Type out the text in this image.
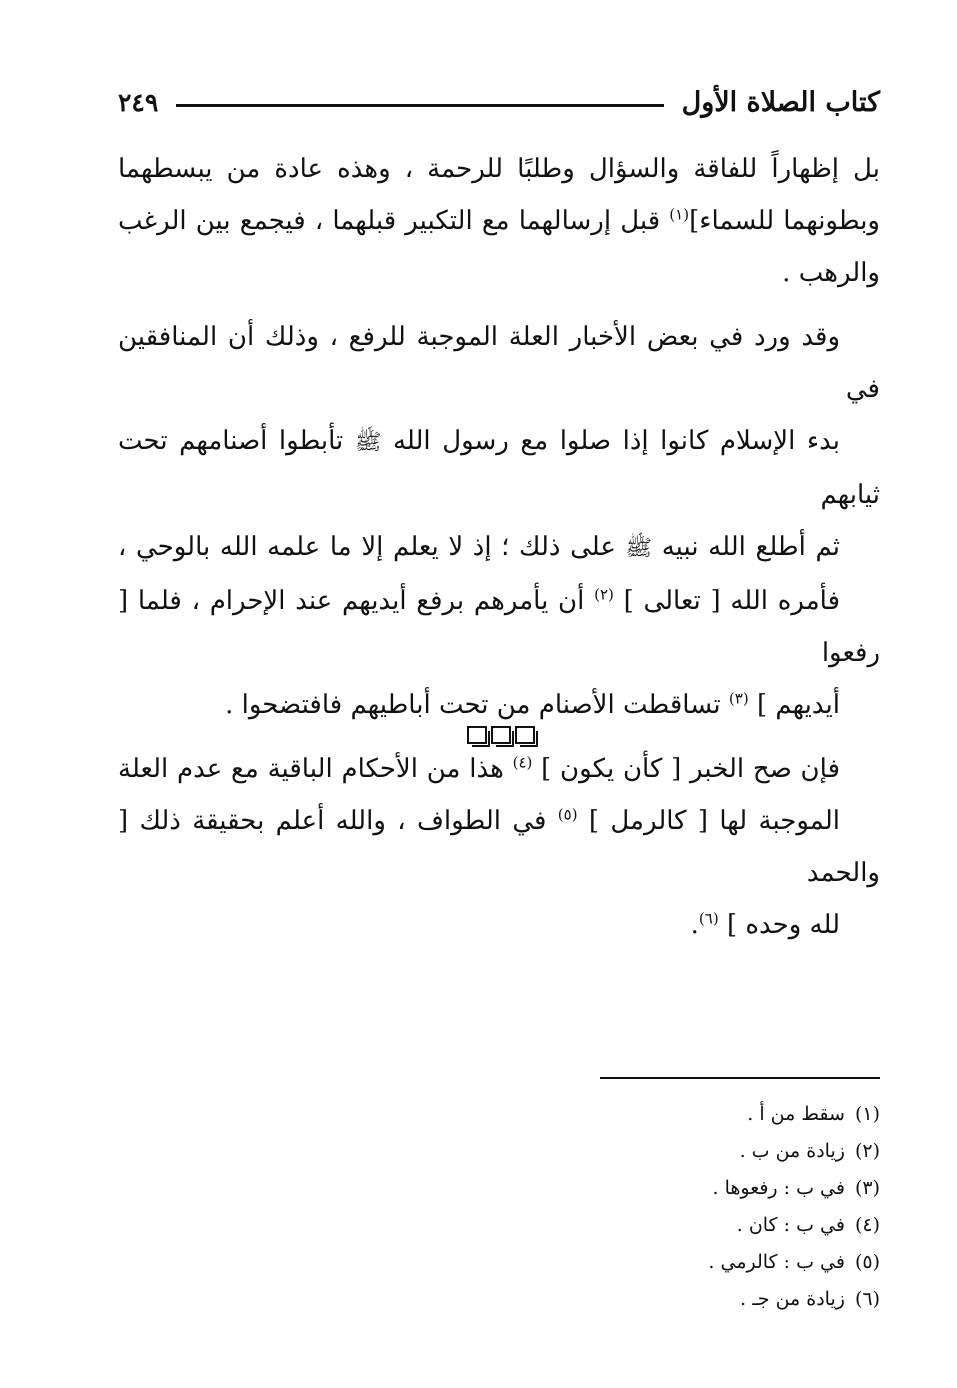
كتاب الصلاة الأول
٢٤٩

بل إظهاراً للفاقة والسؤال وطلبًا للرحمة ، وهذه عادة من يبسطهما
وبطونهما للسماء]$^{(١)}$ قبل إرسالهما مع التكبير قبلهما ، فيجمع بين الرغب
والرهب .

وقد ورد في بعض الأخبار العلة الموجبة للرفع ، وذلك أن المنافقين في
بدء الإسلام كانوا إذا صلوا مع رسول الله ﷺ تأبطوا أصنامهم تحت ثيابهم
ثم أطلع الله نبيه ﷺ على ذلك ؛ إذ لا يعلم إلا ما علمه الله بالوحي ،
فأمره الله [ تعالى ] $^{(٢)}$ أن يأمرهم برفع أيديهم عند الإحرام ، فلما [ رفعوا
أيديهم ] $^{(٣)}$ تساقطت الأصنام من تحت أباطيهم فافتضحوا .

فإن صح الخبر [ كأن يكون ] $^{(٤)}$ هذا من الأحكام الباقية مع عدم العلة
الموجبة لها [ كالرمل ] $^{(٥)}$ في الطواف ، والله أعلم بحقيقة ذلك [ والحمد
لله وحده ] $^{(٦)}$.

(١)سقط من أ .
(٢)زيادة من ب .
(٣)في ب : رفعوها .
(٤)في ب : كان .
(٥)في ب : كالرمي .
(٦)زيادة من جـ .
